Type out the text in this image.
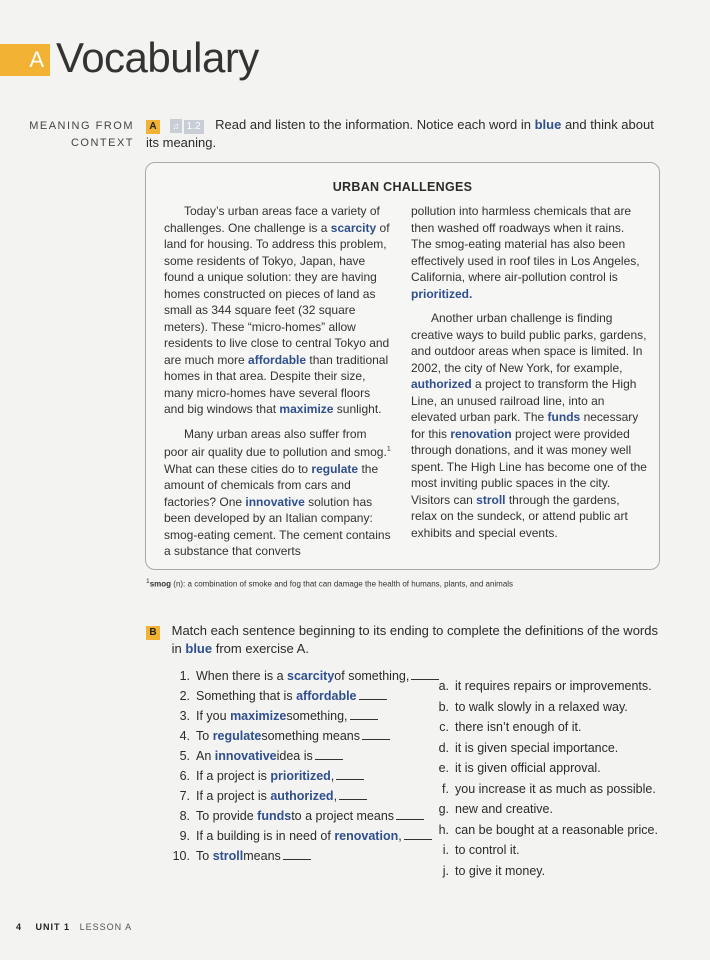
A Vocabulary
MEANING FROM
CONTEXT
A ♫ 1.2 Read and listen to the information. Notice each word in blue and think about its meaning.
URBAN CHALLENGES

Today’s urban areas face a variety of challenges. One challenge is a scarcity of land for housing. To address this problem, some residents of Tokyo, Japan, have found a unique solution: they are having homes constructed on pieces of land as small as 344 square feet (32 square meters). These “micro-homes” allow residents to live close to central Tokyo and are much more affordable than traditional homes in that area. Despite their size, many micro-homes have several floors and big windows that maximize sunlight.

Many urban areas also suffer from poor air quality due to pollution and smog.$^1$ What can these cities do to regulate the amount of chemicals from cars and factories? One innovative solution has been developed by an Italian company: smog-eating cement. The cement contains a substance that converts

pollution into harmless chemicals that are then washed off roadways when it rains. The smog-eating material has also been effectively used in roof tiles in Los Angeles, California, where air-pollution control is prioritized.

Another urban challenge is finding creative ways to build public parks, gardens, and outdoor areas when space is limited. In 2002, the city of New York, for example, authorized a project to transform the High Line, an unused railroad line, into an elevated urban park. The funds necessary for this renovation project were provided through donations, and it was money well spent. The High Line has become one of the most inviting public spaces in the city. Visitors can stroll through the gardens, relax on the sundeck, or attend public art exhibits and special events.

$^1$smog (n): a combination of smoke and fog that can damage the health of humans, plants, and animals
B Match each sentence beginning to its ending to complete the definitions of the words in blue from exercise A.
1. When there is a scarcityof something,
2. Something that is affordable
3. If you maximizesomething,
4. To regulatesomething means
5. An innovativeidea is
6. If a project is prioritized,
7. If a project is authorized,
8. To provide fundsto a project means
9. If a building is in need of renovation,
10. To strollmeans
a. it requires repairs or improvements.
b. to walk slowly in a relaxed way.
c. there isn’t enough of it.
d. it is given special importance.
e. it is given official approval.
f. you increase it as much as possible.
g. new and creative.
h. can be bought at a reasonable price.
i. to control it.
j. to give it money.
4 UNIT 1 LESSON A
